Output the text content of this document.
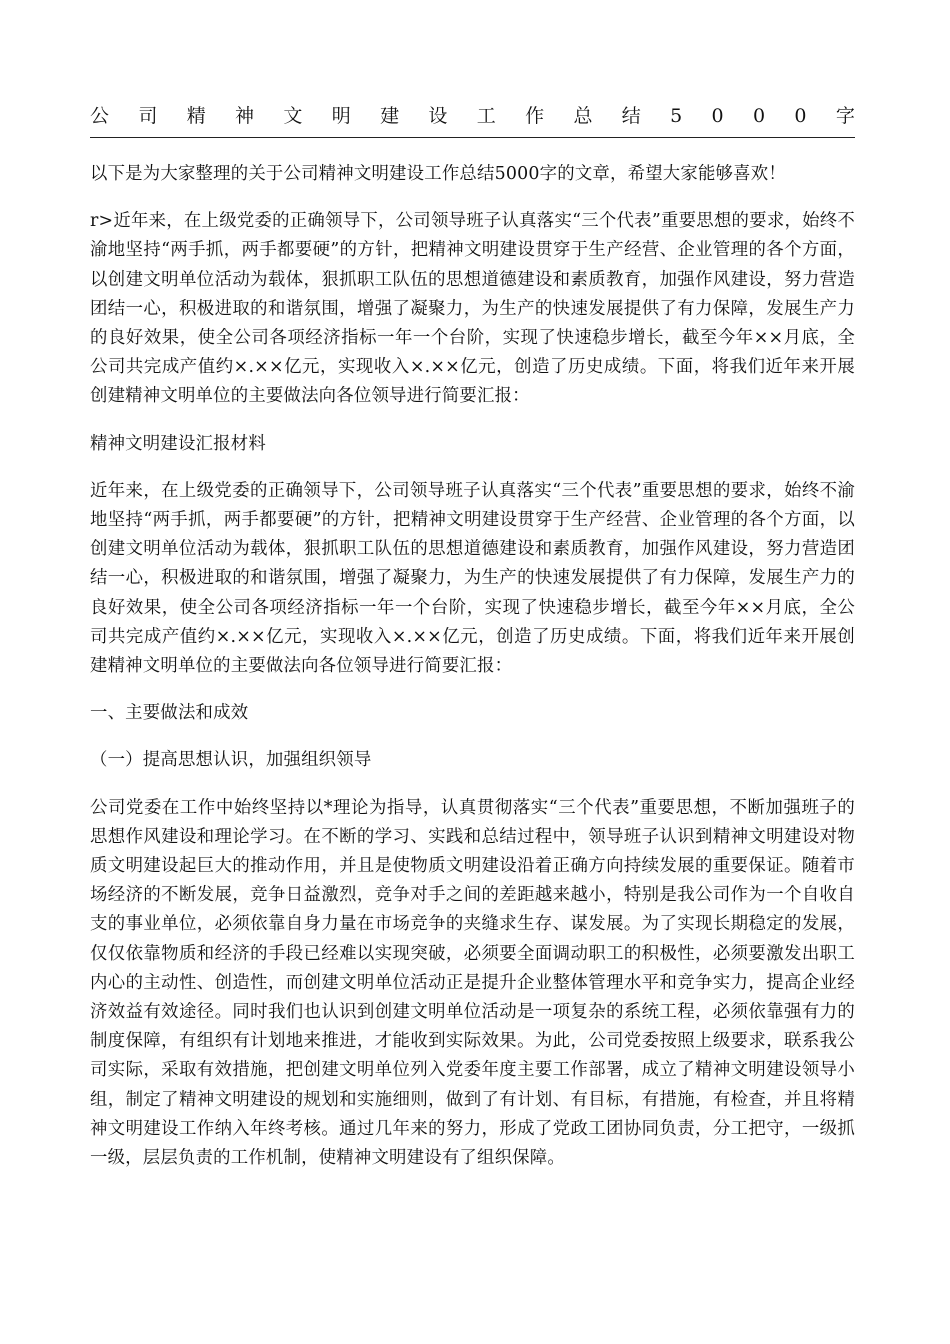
公 司 精 神 文 明 建 设 工 作 总 结 5 0 0 0 字

以下是为大家整理的关于公司精神文明建设工作总结5000字的文章，希望大家能够喜欢！

r>近年来，在上级党委的正确领导下，公司领导班子认真落实“三个代表”重要思想的要求，始终不渝地坚持“两手抓，两手都要硬”的方针，把精神文明建设贯穿于生产经营、企业管理的各个方面，以创建文明单位活动为载体，狠抓职工队伍的思想道德建设和素质教育，加强作风建设，努力营造团结一心，积极进取的和谐氛围，增强了凝聚力，为生产的快速发展提供了有力保障，发展生产力的良好效果，使全公司各项经济指标一年一个台阶，实现了快速稳步增长，截至今年××月底，全公司共完成产值约×.××亿元，实现收入×.××亿元，创造了历史成绩。下面，将我们近年来开展创建精神文明单位的主要做法向各位领导进行简要汇报：

精神文明建设汇报材料

近年来，在上级党委的正确领导下，公司领导班子认真落实“三个代表”重要思想的要求，始终不渝地坚持“两手抓，两手都要硬”的方针，把精神文明建设贯穿于生产经营、企业管理的各个方面，以创建文明单位活动为载体，狠抓职工队伍的思想道德建设和素质教育，加强作风建设，努力营造团结一心，积极进取的和谐氛围，增强了凝聚力，为生产的快速发展提供了有力保障，发展生产力的良好效果，使全公司各项经济指标一年一个台阶，实现了快速稳步增长，截至今年××月底，全公司共完成产值约×.××亿元，实现收入×.××亿元，创造了历史成绩。下面，将我们近年来开展创建精神文明单位的主要做法向各位领导进行简要汇报：

一、主要做法和成效

（一）提高思想认识，加强组织领导

公司党委在工作中始终坚持以*理论为指导，认真贯彻落实“三个代表”重要思想，不断加强班子的思想作风建设和理论学习。在不断的学习、实践和总结过程中，领导班子认识到精神文明建设对物质文明建设起巨大的推动作用，并且是使物质文明建设沿着正确方向持续发展的重要保证。随着市场经济的不断发展，竞争日益激烈，竞争对手之间的差距越来越小，特别是我公司作为一个自收自支的事业单位，必须依靠自身力量在市场竞争的夹缝求生存、谋发展。为了实现长期稳定的发展，仅仅依靠物质和经济的手段已经难以实现突破，必须要全面调动职工的积极性，必须要激发出职工内心的主动性、创造性，而创建文明单位活动正是提升企业整体管理水平和竞争实力，提高企业经济效益有效途径。同时我们也认识到创建文明单位活动是一项复杂的系统工程，必须依靠强有力的制度保障，有组织有计划地来推进，才能收到实际效果。为此，公司党委按照上级要求，联系我公司实际，采取有效措施，把创建文明单位列入党委年度主要工作部署，成立了精神文明建设领导小组，制定了精神文明建设的规划和实施细则，做到了有计划、有目标，有措施，有检查，并且将精神文明建设工作纳入年终考核。通过几年来的努力，形成了党政工团协同负责，分工把守，一级抓一级，层层负责的工作机制，使精神文明建设有了组织保障。
